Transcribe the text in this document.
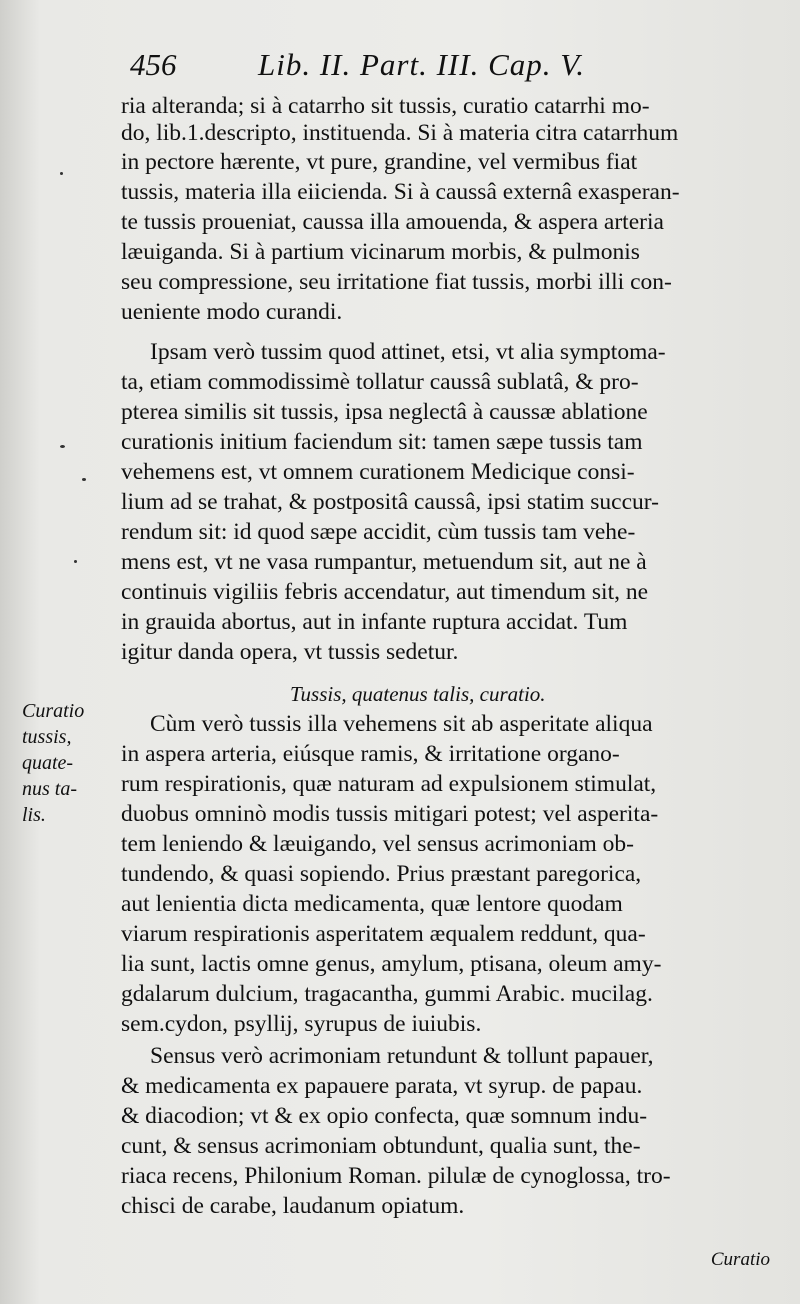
456	Lib. II. Part. III. Cap. V.
ria alteranda; si à catarrho sit tussis, curatio catarrhi mo-
do, lib.1.descripto, instituenda. Si à materia citra catarrhum
in pectore hærente, vt pure, grandine, vel vermibus fiat
tussis, materia illa eiicienda. Si à caussâ externâ exasperan-
te tussis proueniat, caussa illa amouenda, & aspera arteria
læuiganda. Si à partium vicinarum morbis, & pulmonis
seu compressione, seu irritatione fiat tussis, morbi illi con-
ueniente modo curandi.
Ipsam verò tussim quod attinet, etsi, vt alia symptoma-
ta, etiam commodissimè tollatur caussâ sublatâ, & pro-
pterea similis sit tussis, ipsa neglectâ à caussæ ablatione
curationis initium faciendum sit: tamen sæpe tussis tam
vehemens est, vt omnem curationem Medicique consi-
lium ad se trahat, & postpositâ caussâ, ipsi statim succur-
rendum sit: id quod sæpe accidit, cùm tussis tam vehe-
mens est, vt ne vasa rumpantur, metuendum sit, aut ne à
continuis vigiliis febris accendatur, aut timendum sit, ne
in grauida abortus, aut in infante ruptura accidat. Tum
igitur danda opera, vt tussis sedetur.
Tussis, quatenus talis, curatio.
Cùm verò tussis illa vehemens sit ab asperitate aliqua
in aspera arteria, eiúsque ramis, & irritatione organo-
rum respirationis, quæ naturam ad expulsionem stimulat,
duobus omninò modis tussis mitigari potest; vel asperita-
tem leniendo & læuigando, vel sensus acrimoniam ob-
tundendo, & quasi sopiendo. Prius præstant paregorica,
aut lenientia dicta medicamenta, quæ lentore quodam
viarum respirationis asperitatem æqualem reddunt, qua-
lia sunt, lactis omne genus, amylum, ptisana, oleum amy-
gdalarum dulcium, tragacantha, gummi Arabic. mucilag.
sem.cydon, psyllij, syrupus de iuiubis.
Sensus verò acrimoniam retundunt & tollunt papauer,
& medicamenta ex papauere parata, vt syrup. de papau.
& diacodion; vt & ex opio confecta, quæ somnum indu-
cunt, & sensus acrimoniam obtundunt, qualia sunt, the-
riaca recens, Philonium Roman. pilulæ de cynoglossa, tro-
chisci de carabe, laudanum opiatum.
Curatio
tussis,
quate-
nus ta-
lis.
Curatio
